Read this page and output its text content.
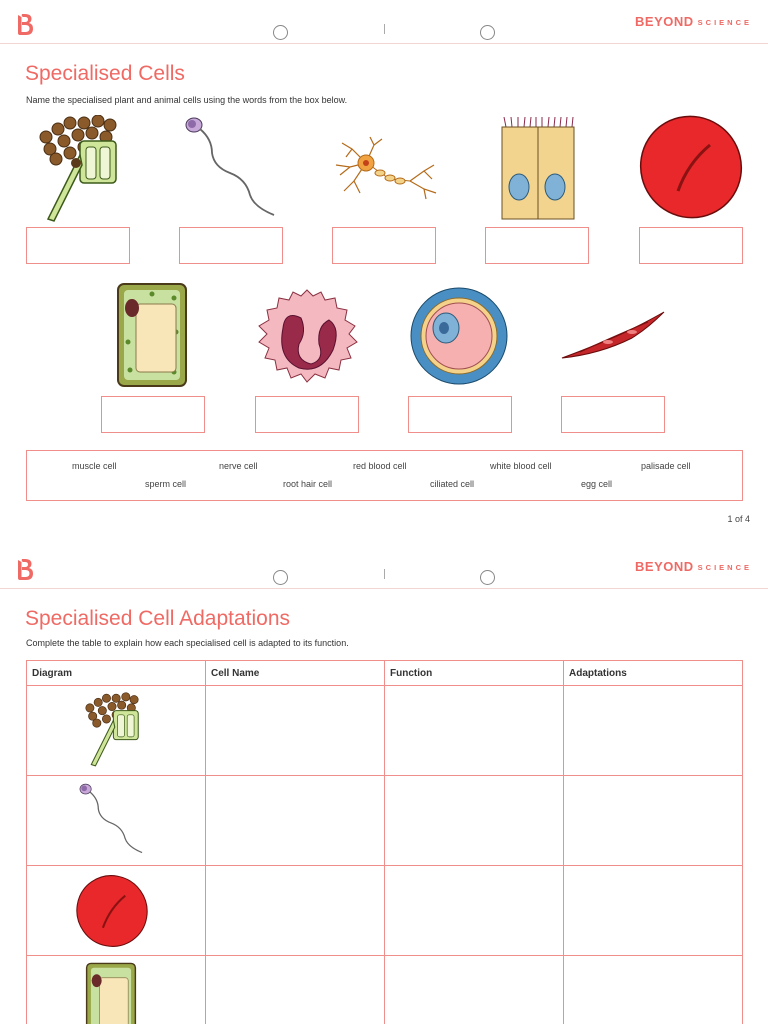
BEYOND SCIENCE
Specialised Cells

Name the specialised plant and animal cells using the words from the box below.

muscle cell	nerve cell	red blood cell	white blood cell	palisade cell
sperm cell	root hair cell	ciliated cell	egg cell
1 of 4
BEYOND SCIENCE
Specialised Cell Adaptations

Complete the table to explain how each specialised cell is adapted to its function.

Diagram	Cell Name	Function	Adaptations
